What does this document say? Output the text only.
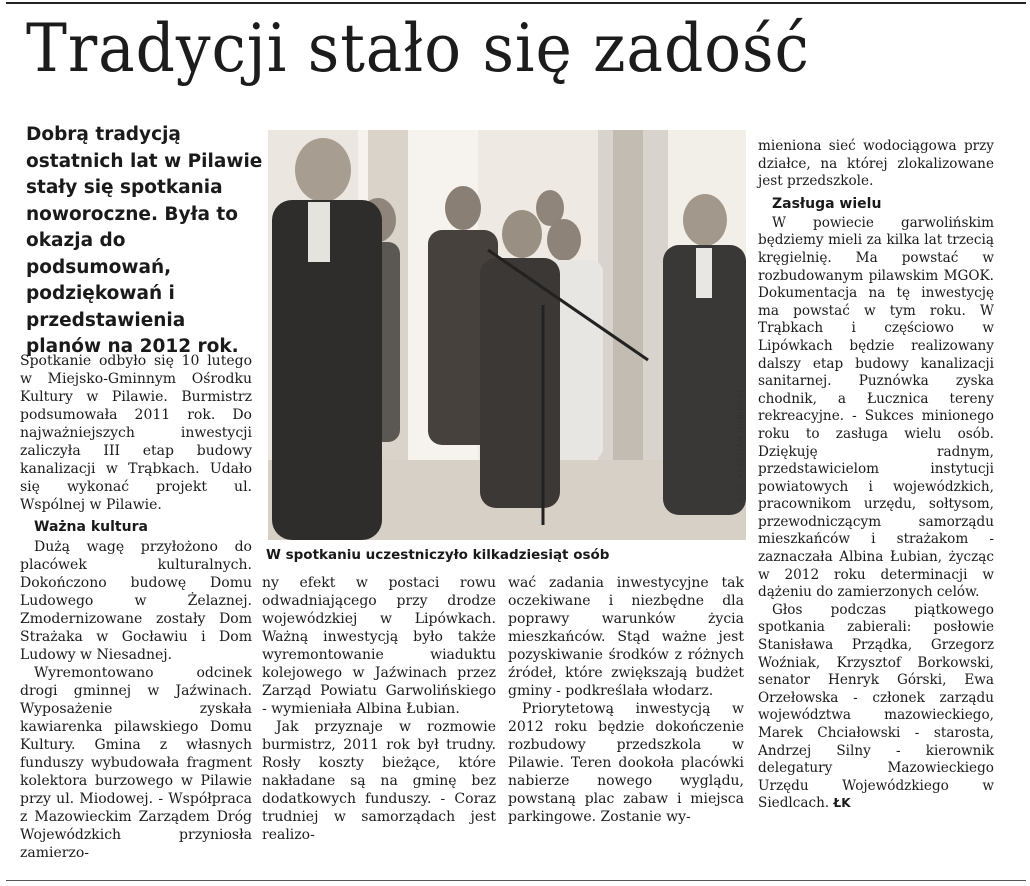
Tradycji stało się zadość
Dobrą tradycją ostatnich lat w Pilawie stały się spotkania noworoczne. Była to okazja do podsumowań, podziękowań i przedstawienia planów na 2012 rok.

Spotkanie odbyło się 10 lutego w Miejsko-Gminnym Ośrodku Kultury w Pilawie. Burmistrz podsumowała 2011 rok. Do najważniejszych inwestycji zaliczyła III etap budowy kanalizacji w Trąbkach. Udało się wykonać projekt ul. Wspólnej w Pilawie.

Ważna kultura

Dużą wagę przyłożono do placówek kulturalnych. Dokończono budowę Domu Ludowego w Żelaznej. Zmodernizowane zostały Dom Strażaka w Gocławiu i Dom Ludowy w Niesadnej.

Wyremontowano odcinek drogi gminnej w Jaźwinach. Wyposażenie zyskała kawiarenka pilawskiego Domu Kultury. Gmina z własnych funduszy wybudowała fragment kolektora burzowego w Pilawie przy ul. Miodowej. - Współpraca z Mazowieckim Zarządem Dróg Wojewódzkich przyniosła zamierzo-

FOT. KRYSTIAN DUBIŃSKI
W spotkaniu uczestniczyło kilkadziesiąt osób

ny efekt w postaci rowu odwadniającego przy drodze wojewódzkiej w Lipówkach. Ważną inwestycją było także wyremontowanie wiaduktu kolejowego w Jaźwinach przez Zarząd Powiatu Garwolińskiego - wymieniała Albina Łubian.

Jak przyznaje w rozmowie burmistrz, 2011 rok był trudny. Rosły koszty bieżące, które nakładane są na gminę bez dodatkowych funduszy. - Coraz trudniej w samorządach jest realizo-

wać zadania inwestycyjne tak oczekiwane i niezbędne dla poprawy warunków życia mieszkańców. Stąd ważne jest pozyskiwanie środków z różnych źródeł, które zwiększają budżet gminy - podkreślała włodarz.

Priorytetową inwestycją w 2012 roku będzie dokończenie rozbudowy przedszkola w Pilawie. Teren dookoła placówki nabierze nowego wyglądu, powstaną plac zabaw i miejsca parkingowe. Zostanie wy-

mieniona sieć wodociągowa przy działce, na której zlokalizowane jest przedszkole.

Zasługa wielu

W powiecie garwolińskim będziemy mieli za kilka lat trzecią kręgielnię. Ma powstać w rozbudowanym pilawskim MGOK. Dokumentacja na tę inwestycję ma powstać w tym roku. W Trąbkach i częściowo w Lipówkach będzie realizowany dalszy etap budowy kanalizacji sanitarnej. Puznówka zyska chodnik, a Łucznica tereny rekreacyjne. - Sukces minionego roku to zasługa wielu osób. Dziękuję radnym, przedstawicielom instytucji powiatowych i wojewódzkich, pracownikom urzędu, sołtysom, przewodniczącym samorządu mieszkańców i strażakom - zaznaczała Albina Łubian, życząc w 2012 roku determinacji w dążeniu do zamierzonych celów.

Głos podczas piątkowego spotkania zabierali: posłowie Stanisława Prządka, Grzegorz Woźniak, Krzysztof Borkowski, senator Henryk Górski, Ewa Orzełowska - członek zarządu województwa mazowieckiego, Marek Chciałowski - starosta, Andrzej Silny - kierownik delegatury Mazowieckiego Urzędu Wojewódzkiego w Siedlcach. ŁK
